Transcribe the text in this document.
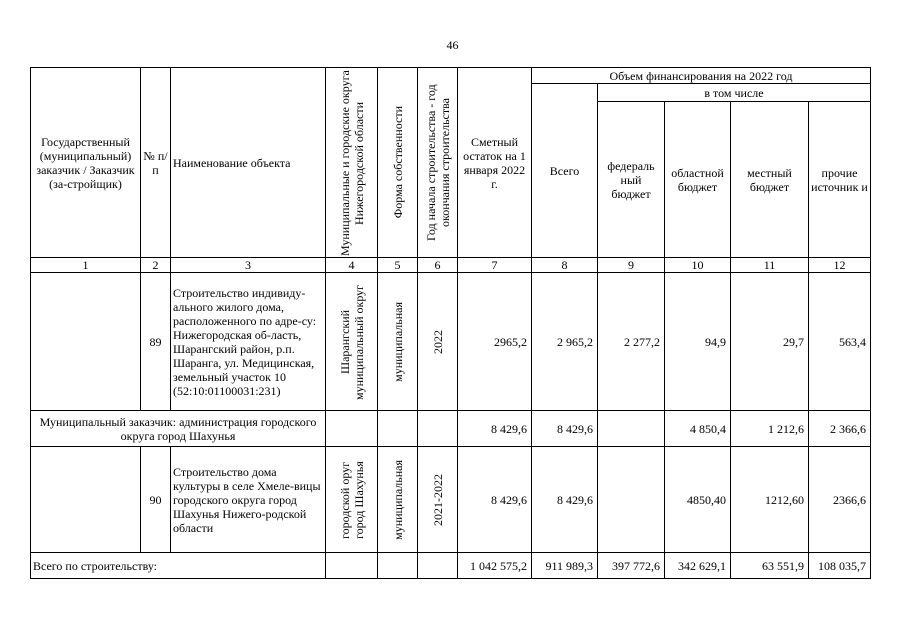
46
Государственный (муниципальный) заказчик / Заказчик (за-стройщик)	№ п/п	Наименование объекта	Муниципальные и городские округа Нижегородской области	Форма собственности	Год начала строительства - год окончания строительства	Сметный остаток на 1 января 2022 г.	Объем финансирования на 2022 год				
							Всего	в том числе			
								федераль ный бюджет	областной бюджет	местный бюджет	прочие источник и
1	2	3	4	5	6	7	8	9	10	11	12
	89	Строительство индивиду-ального жилого дома, расположенного по адре-су: Нижегородская об-ласть, Шарангский район, р.п. Шаранга, ул. Медицинская, земельный участок 10 (52:10:01100031:231)	Шарангский муниципальный округ	муниципальная	2022	2965,2	2 965,2	2 277,2	94,9	29,7	563,4
Муниципальный заказчик: администрация городского округа город Шахунья						8 429,6	8 429,6		4 850,4	1 212,6	2 366,6
	90	Строительство дома культуры в селе Хмеле-вицы городского округа город Шахунья Нижего-родской области	городской оруг город Шахунья	муниципальная	2021-2022	8 429,6	8 429,6		4850,40	1212,60	2366,6
Всего по строительству:						1 042 575,2	911 989,3	397 772,6	342 629,1	63 551,9	108 035,7
